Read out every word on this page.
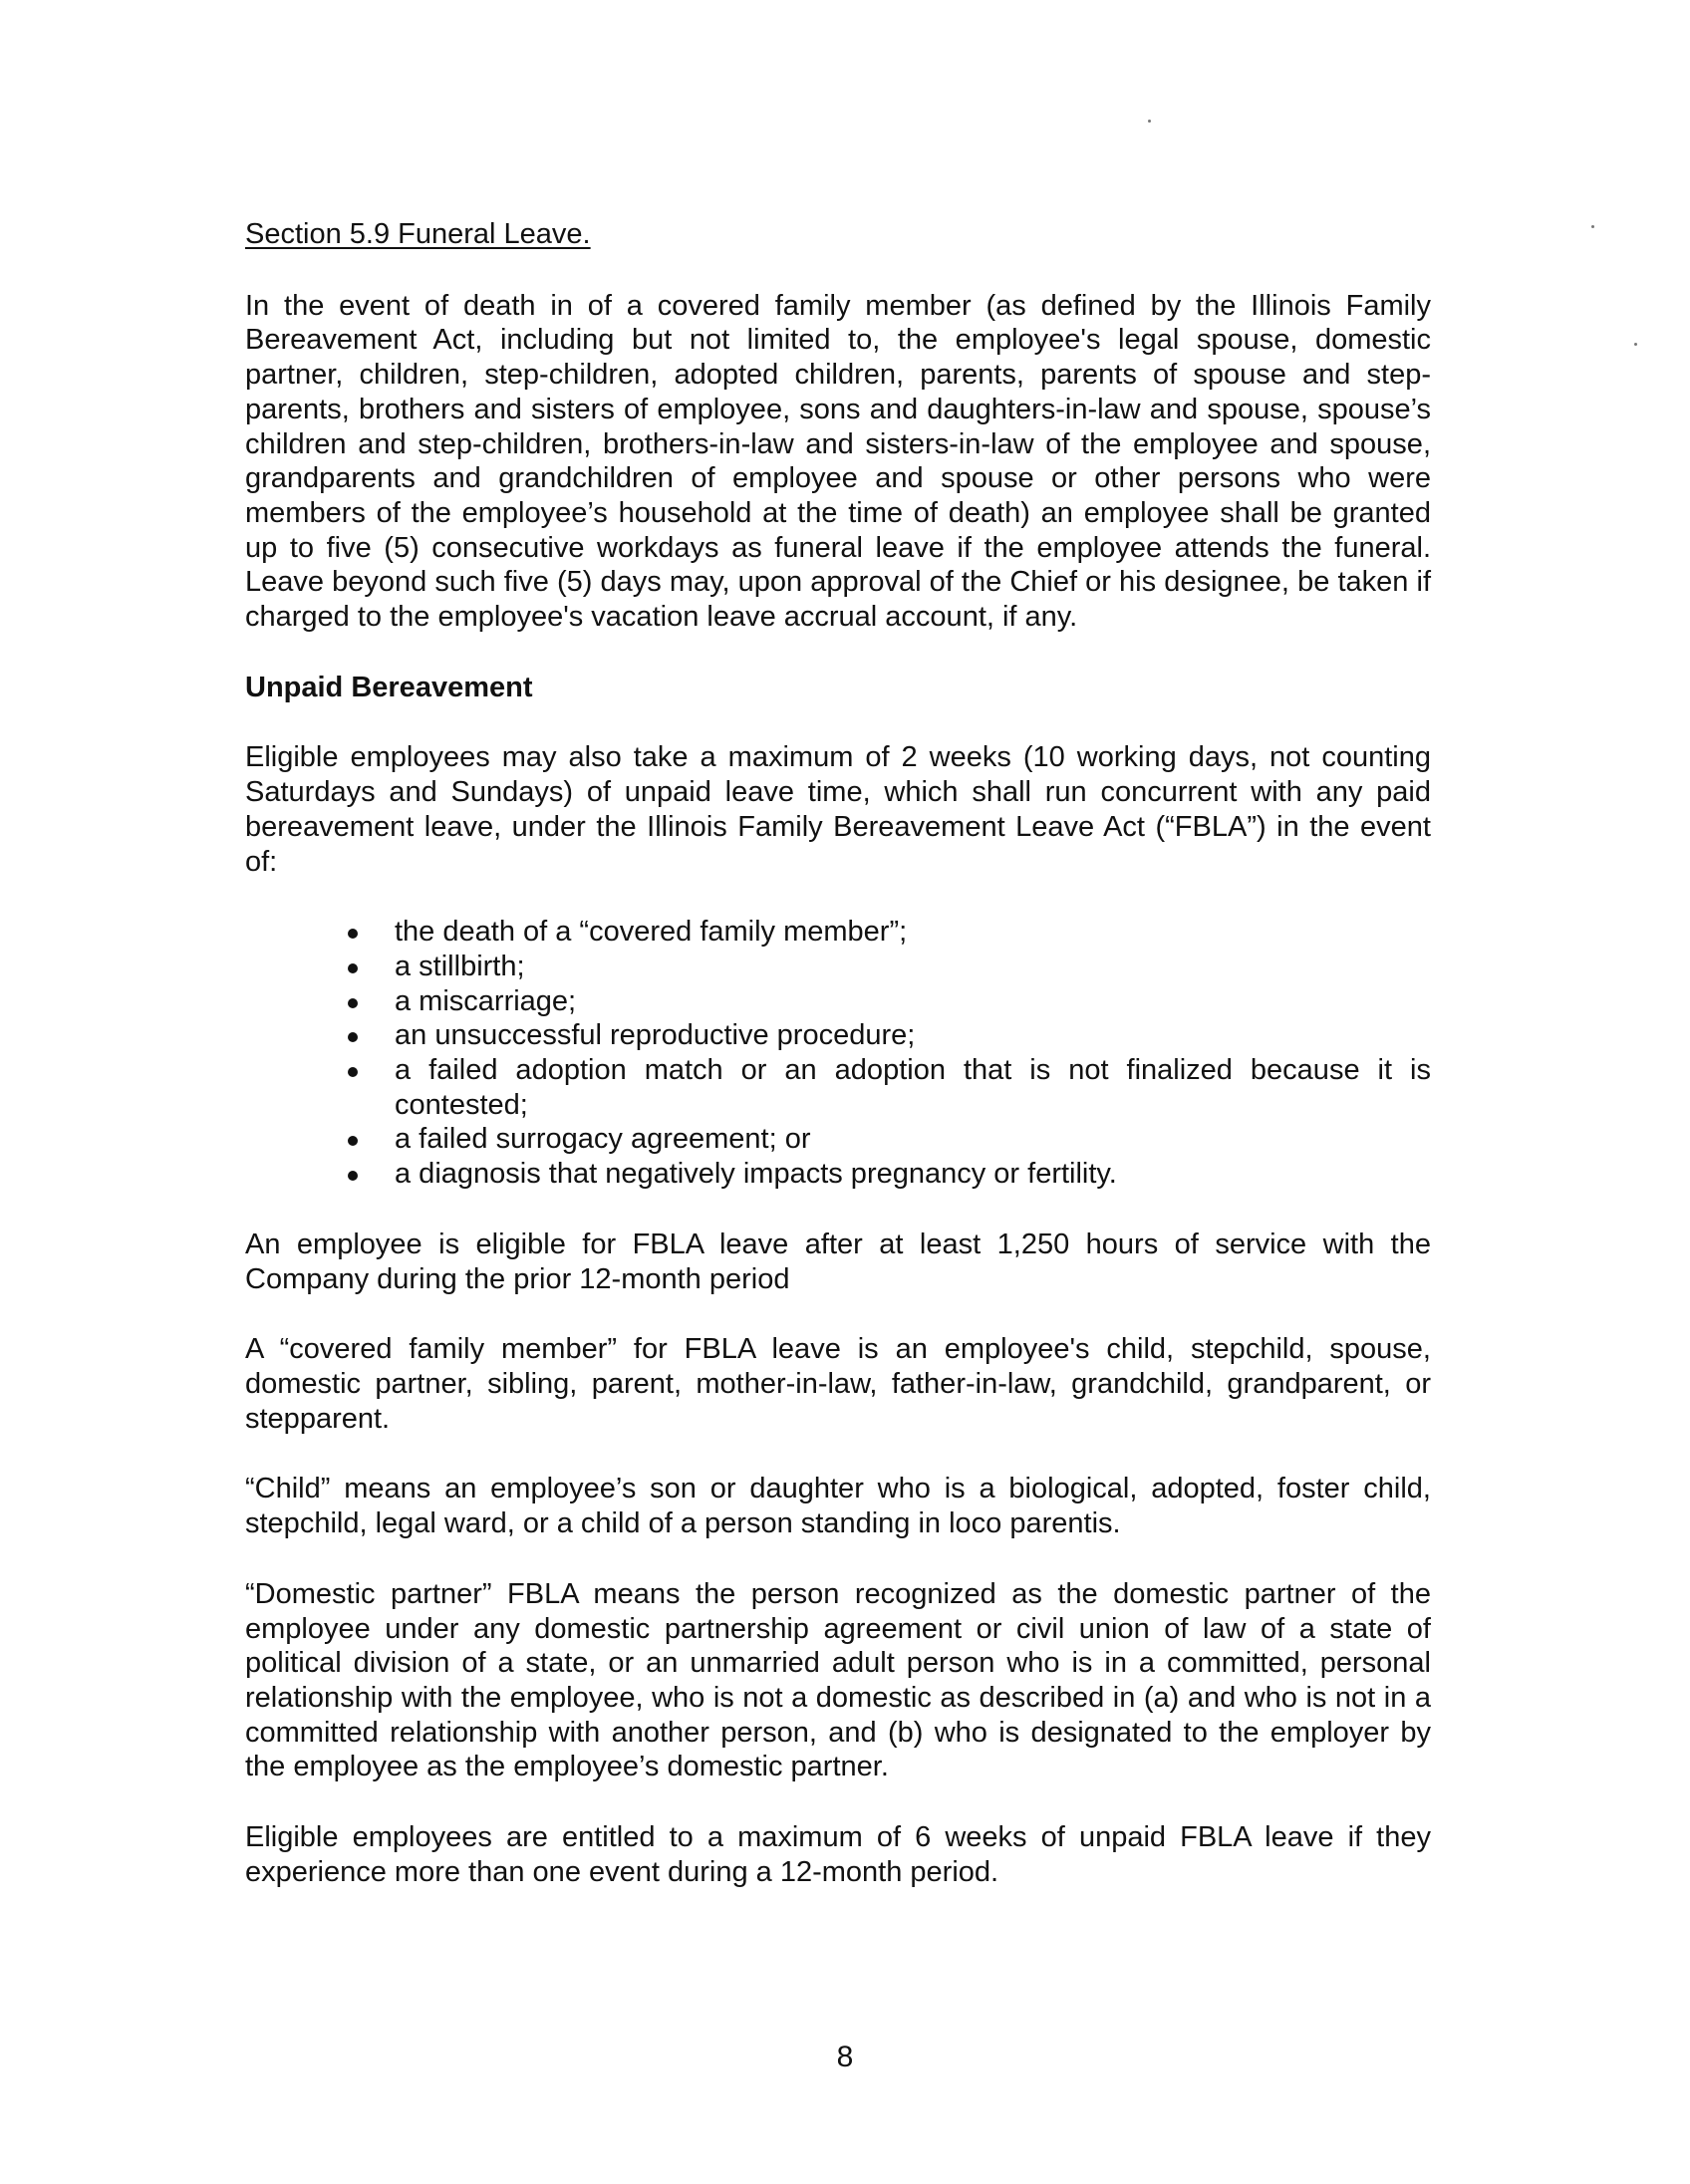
Section 5.9 Funeral Leave.

In the event of death in of a covered family member (as defined by the Illinois Family Bereavement Act, including but not limited to, the employee's legal spouse, domestic partner, children, step-children, adopted children, parents, parents of spouse and step-parents, brothers and sisters of employee, sons and daughters-in-law and spouse, spouse’s children and step-children, brothers-in-law and sisters-in-law of the employee and spouse, grandparents and grandchildren of employee and spouse or other persons who were members of the employee’s household at the time of death) an employee shall be granted up to five (5) consecutive workdays as funeral leave if the employee attends the funeral. Leave beyond such five (5) days may, upon approval of the Chief or his designee, be taken if charged to the employee's vacation leave accrual account, if any.

Unpaid Bereavement

Eligible employees may also take a maximum of 2 weeks (10 working days, not counting Saturdays and Sundays) of unpaid leave time, which shall run concurrent with any paid bereavement leave, under the Illinois Family Bereavement Leave Act (“FBLA”) in the event of:

the death of a “covered family member”;
a stillbirth;
a miscarriage;
an unsuccessful reproductive procedure;
a failed adoption match or an adoption that is not finalized because it is contested;
a failed surrogacy agreement; or
a diagnosis that negatively impacts pregnancy or fertility.

An employee is eligible for FBLA leave after at least 1,250 hours of service with the Company during the prior 12-month period

A “covered family member” for FBLA leave is an employee's child, stepchild, spouse, domestic partner, sibling, parent, mother-in-law, father-in-law, grandchild, grandparent, or stepparent.

“Child” means an employee’s son or daughter who is a biological, adopted, foster child, stepchild, legal ward, or a child of a person standing in loco parentis.

“Domestic partner” FBLA means the person recognized as the domestic partner of the employee under any domestic partnership agreement or civil union of law of a state of political division of a state, or an unmarried adult person who is in a committed, personal relationship with the employee, who is not a domestic as described in (a) and who is not in a committed relationship with another person, and (b) who is designated to the employer by the employee as the employee’s domestic partner.

Eligible employees are entitled to a maximum of 6 weeks of unpaid FBLA leave if they experience more than one event during a 12-month period.

8
